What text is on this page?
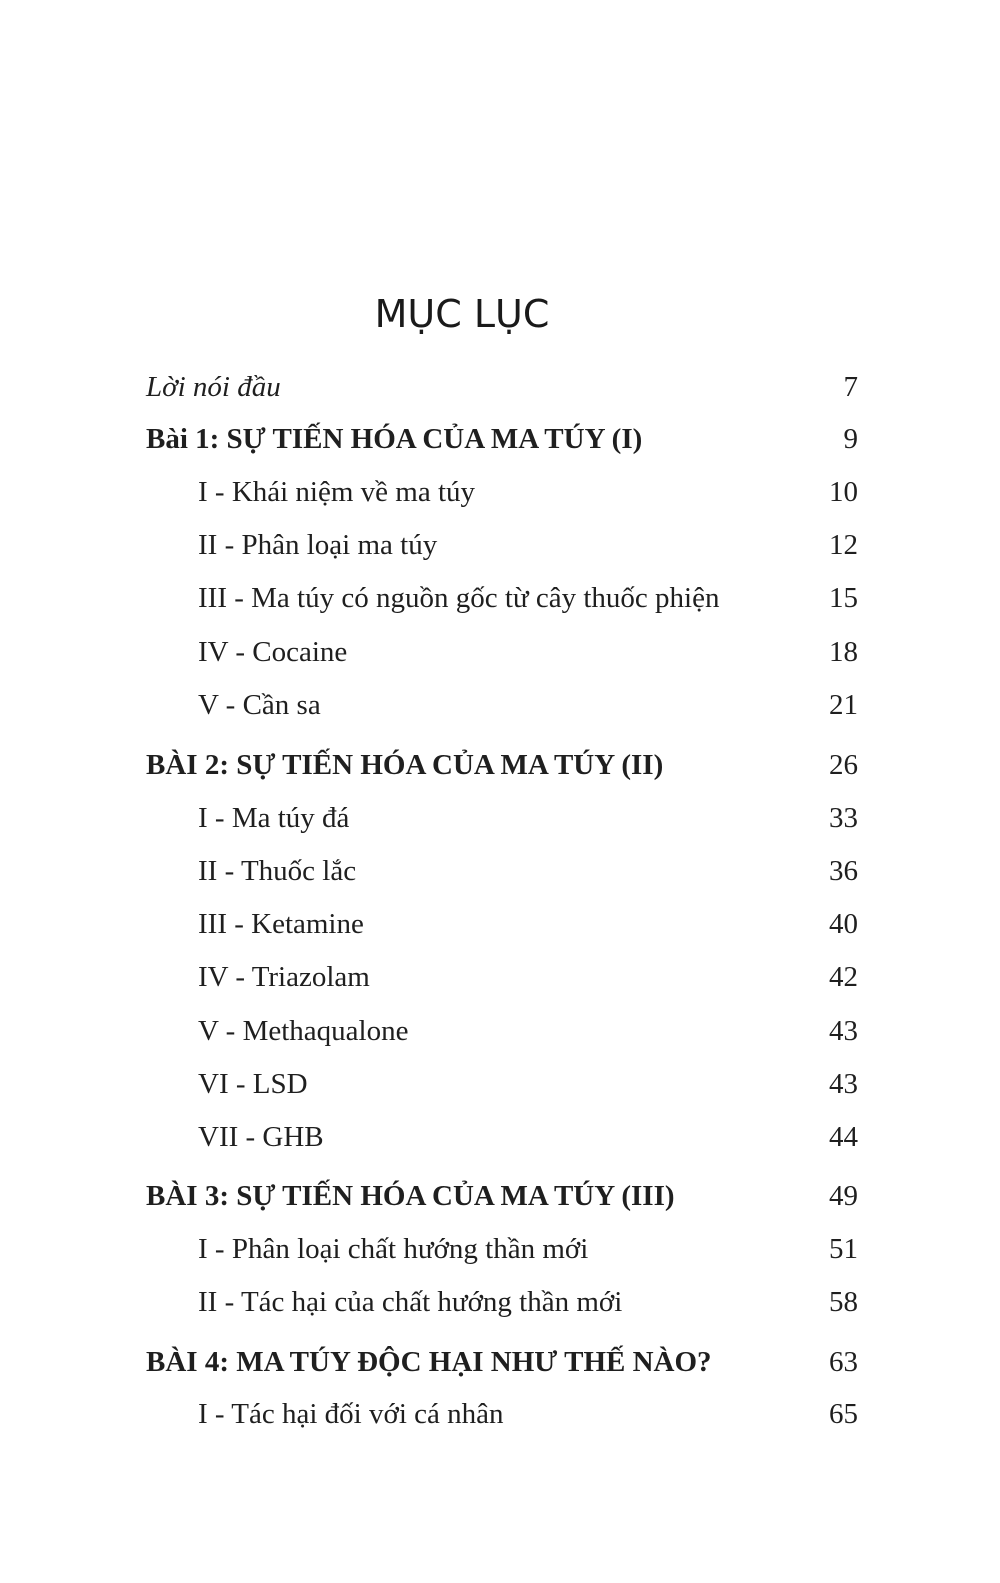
MỤC LỤC
Lời nói đầu	7
Bài 1: SỰ TIẾN HÓA CỦA MA TÚY (I)	9
I - Khái niệm về ma túy	10
II - Phân loại ma túy	12
III - Ma túy có nguồn gốc từ cây thuốc phiện	15
IV - Cocaine	18
V - Cần sa	21
BÀI 2: SỰ TIẾN HÓA CỦA MA TÚY (II)	26
I - Ma túy đá	33
II - Thuốc lắc	36
III - Ketamine	40
IV - Triazolam	42
V - Methaqualone	43
VI - LSD	43
VII - GHB	44
BÀI 3: SỰ TIẾN HÓA CỦA MA TÚY (III)	49
I - Phân loại chất hướng thần mới	51
II - Tác hại của chất hướng thần mới	58
BÀI 4: MA TÚY ĐỘC HẠI NHƯ THẾ NÀO?	63
I - Tác hại đối với cá nhân	65
